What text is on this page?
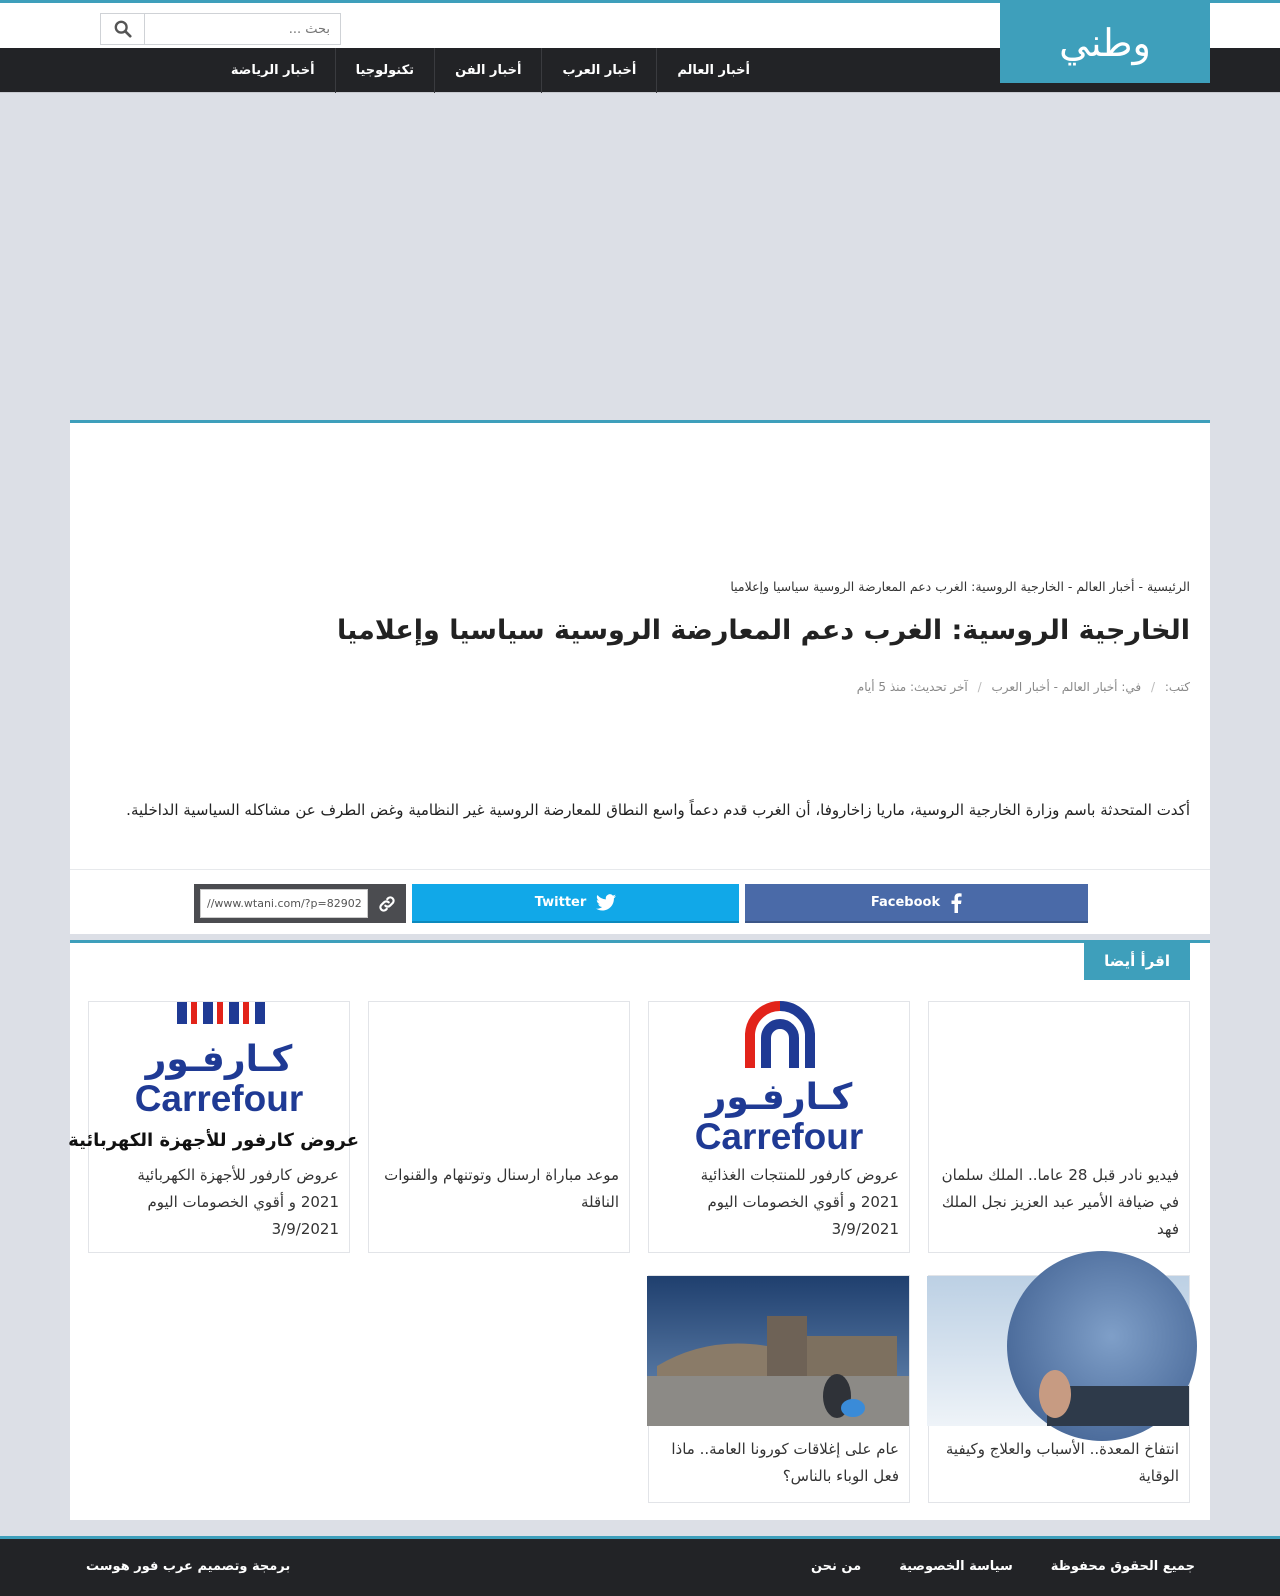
بحث ...
أخبار العالم
أخبار العرب
أخبار الفن
تكنولوجيا
أخبار الرياضة
وطني
الرئيسية - أخبار العالم - الخارجية الروسية: الغرب دعم المعارضة الروسية سياسيا وإعلاميا
الخارجية الروسية: الغرب دعم المعارضة الروسية سياسيا وإعلاميا
كتب: / في: أخبار العالم - أخبار العرب / آخر تحديث: منذ 5 أيام

أكدت المتحدثة باسم وزارة الخارجية الروسية، ماريا زاخاروفا، أن الغرب قدم دعماً واسع النطاق للمعارضة الروسية غير النظامية وغض الطرف عن مشاكله السياسية الداخلية.

Facebook
Twitter
//www.wtani.com/?p=82902
اقرأ أيضا
فيديو نادر قبل 28 عاما.. الملك سلمان في ضيافة الأمير عبد العزيز نجل الملك فهد
كـارفـور
Carrefour
عروض كارفور للمنتجات الغذائية 2021 و أقوي الخصومات اليوم 3/9/2021
موعد مباراة ارسنال وتوتنهام والقنوات الناقلة
كـارفـور
Carrefour
عروض كارفور للأجهزة الكهربائية
عروض كارفور للأجهزة الكهربائية 2021 و أقوي الخصومات اليوم 3/9/2021
انتفاخ المعدة.. الأسباب والعلاج وكيفية الوقاية
عام على إغلاقات كورونا العامة.. ماذا فعل الوباء بالناس؟
جميع الحقوق محفوظة
سياسة الخصوصية
من نحن
برمجة وتصميم عرب فور هوست
